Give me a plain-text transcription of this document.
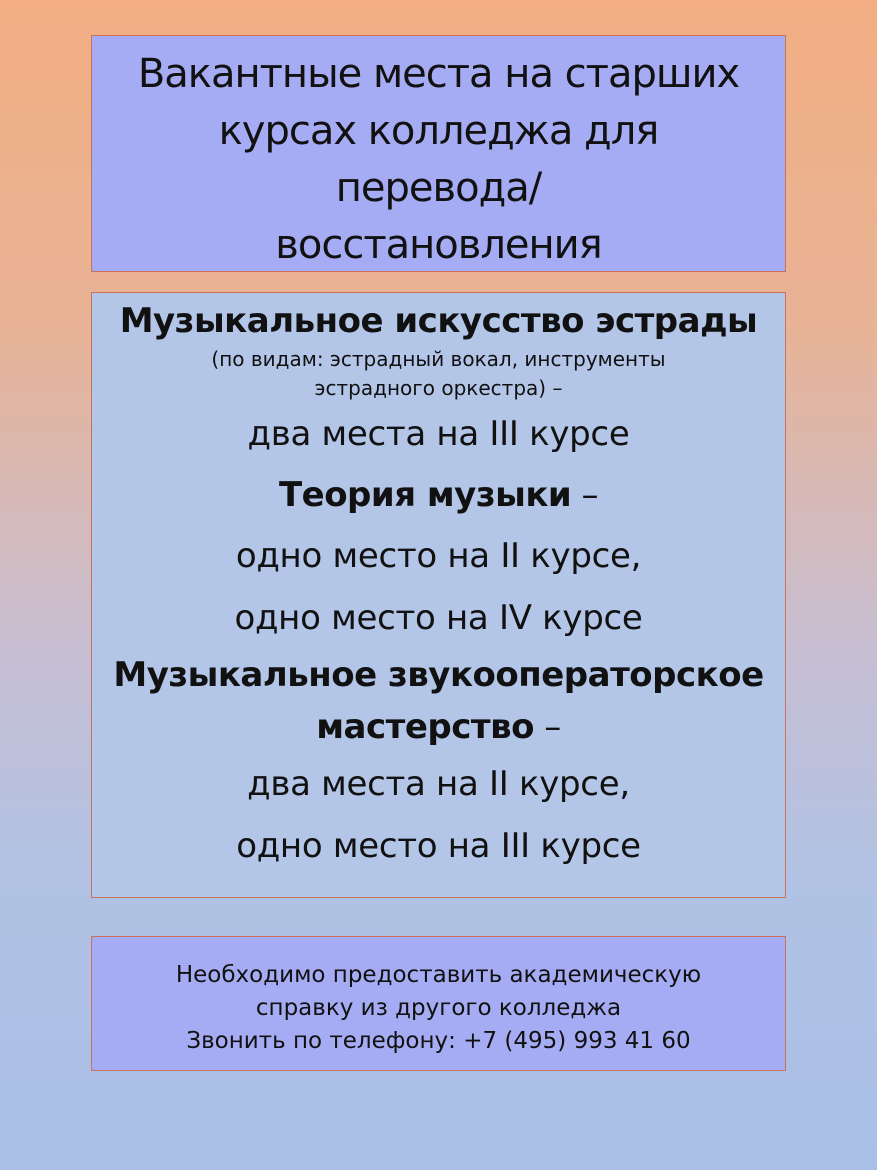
Вакантные места на старших
курсах колледжа для
перевода/
восстановления
Музыкальное искусство эстрады
(по видам: эстрадный вокал, инструменты
эстрадного оркестра) –
два места на III курсе
Теория музыки –
одно место на II курсе,
одно место на IV курсе
Музыкальное звукооператорское
мастерство –
два места на II курсе,
одно место на III курсе
Необходимо предоставить академическую
справку из другого колледжа
Звонить по телефону: +7 (495) 993 41 60
